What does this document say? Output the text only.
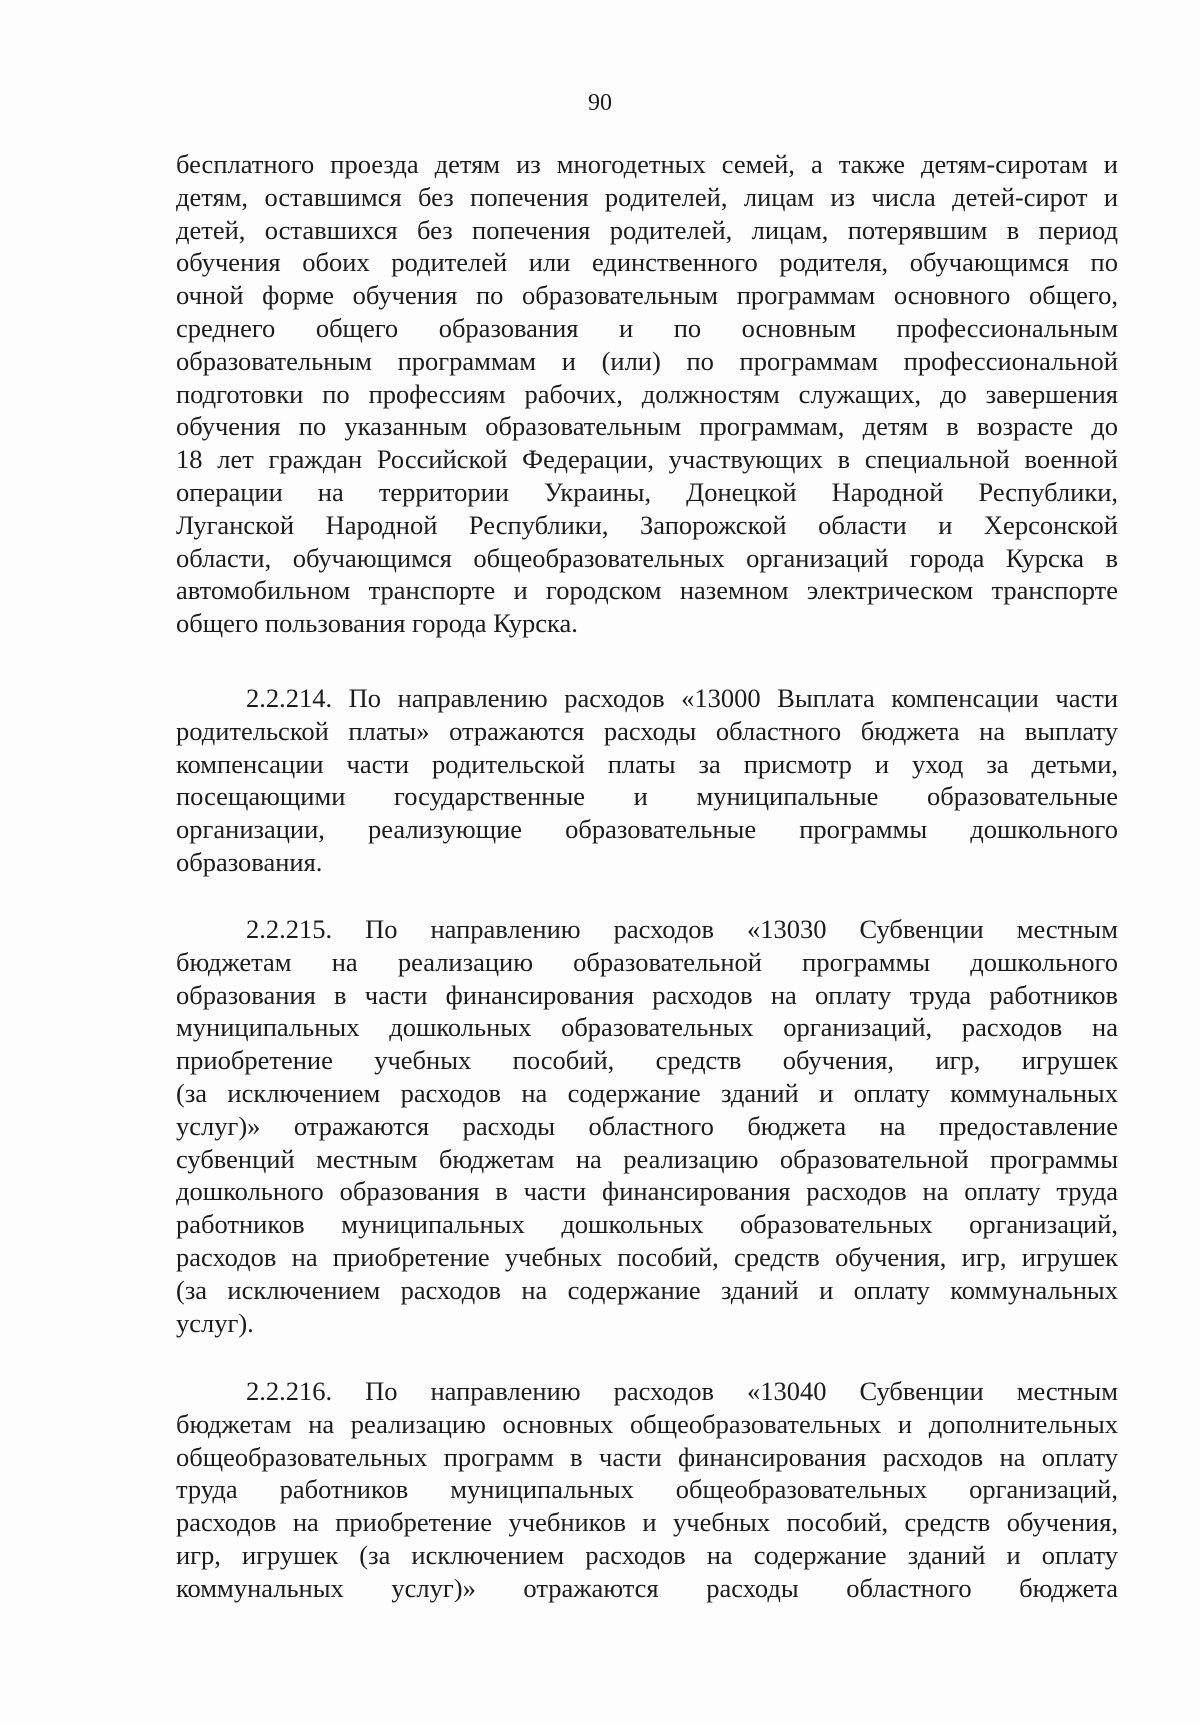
90
бесплатного проезда детям из многодетных семей, а также детям-сиротам и
детям, оставшимся без попечения родителей, лицам из числа детей-сирот и
детей, оставшихся без попечения родителей, лицам, потерявшим в период
обучения обоих родителей или единственного родителя, обучающимся по
очной форме обучения по образовательным программам основного общего,
среднего общего образования и по основным профессиональным
образовательным программам и (или) по программам профессиональной
подготовки по профессиям рабочих, должностям служащих, до завершения
обучения по указанным образовательным программам, детям в возрасте до
18 лет граждан Российской Федерации, участвующих в специальной военной
операции на территории Украины, Донецкой Народной Республики,
Луганской Народной Республики, Запорожской области и Херсонской
области, обучающимся общеобразовательных организаций города Курска в
автомобильном транспорте и городском наземном электрическом транспорте
общего пользования города Курска.
2.2.214. По направлению расходов «13000 Выплата компенсации части
родительской платы» отражаются расходы областного бюджета на выплату
компенсации части родительской платы за присмотр и уход за детьми,
посещающими государственные и муниципальные образовательные
организации, реализующие образовательные программы дошкольного
образования.
2.2.215. По направлению расходов «13030 Субвенции местным
бюджетам на реализацию образовательной программы дошкольного
образования в части финансирования расходов на оплату труда работников
муниципальных дошкольных образовательных организаций, расходов на
приобретение учебных пособий, средств обучения, игр, игрушек
(за исключением расходов на содержание зданий и оплату коммунальных
услуг)» отражаются расходы областного бюджета на предоставление
субвенций местным бюджетам на реализацию образовательной программы
дошкольного образования в части финансирования расходов на оплату труда
работников муниципальных дошкольных образовательных организаций,
расходов на приобретение учебных пособий, средств обучения, игр, игрушек
(за исключением расходов на содержание зданий и оплату коммунальных
услуг).
2.2.216. По направлению расходов «13040 Субвенции местным
бюджетам на реализацию основных общеобразовательных и дополнительных
общеобразовательных программ в части финансирования расходов на оплату
труда работников муниципальных общеобразовательных организаций,
расходов на приобретение учебников и учебных пособий, средств обучения,
игр, игрушек (за исключением расходов на содержание зданий и оплату
коммунальных услуг)» отражаются расходы областного бюджета
